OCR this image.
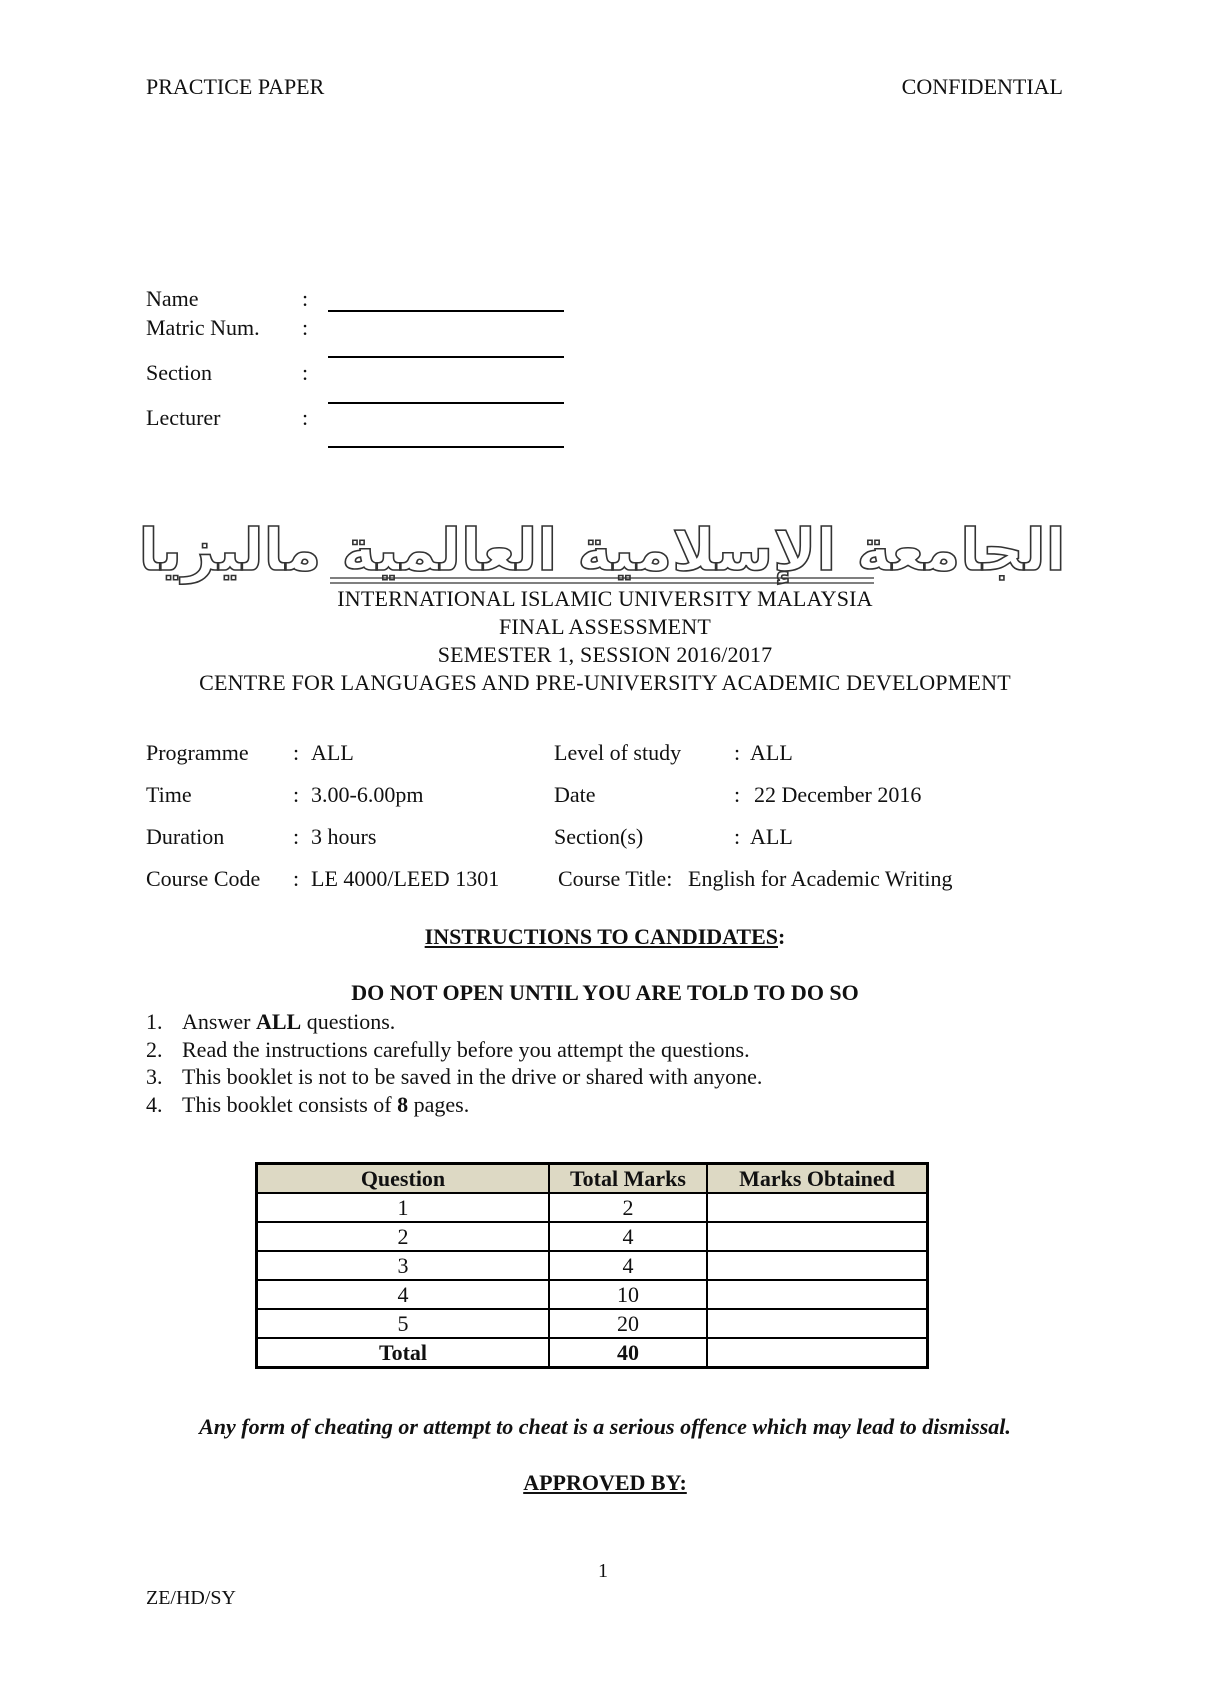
PRACTICE PAPER	CONFIDENTIAL
Name	:
Matric Num. :
Section	:
Lecturer	:
الجامعة الإسلامية العالمية ماليزيا
INTERNATIONAL ISLAMIC UNIVERSITY MALAYSIA
FINAL ASSESSMENT
SEMESTER 1, SESSION 2016/2017
CENTRE FOR LANGUAGES AND PRE-UNIVERSITY ACADEMIC DEVELOPMENT
Programme : ALL	Level of study : ALL
Time	: 3.00-6.00pm	Date	: 22 December 2016
Duration	: 3 hours	Section(s)	: ALL
Course Code : LE 4000/LEED 1301	Course Title: English for Academic Writing
INSTRUCTIONS TO CANDIDATES:
DO NOT OPEN UNTIL YOU ARE TOLD TO DO SO
1. Answer ALL questions.
2. Read the instructions carefully before you attempt the questions.
3. This booklet is not to be saved in the drive or shared with anyone.
4. This booklet consists of 8 pages.
Question	Total Marks	Marks Obtained
1	2	
2	4	
3	4	
4	10	
5	20	
Total	40	
Any form of cheating or attempt to cheat is a serious offence which may lead to dismissal.
APPROVED BY:
1
ZE/HD/SY
